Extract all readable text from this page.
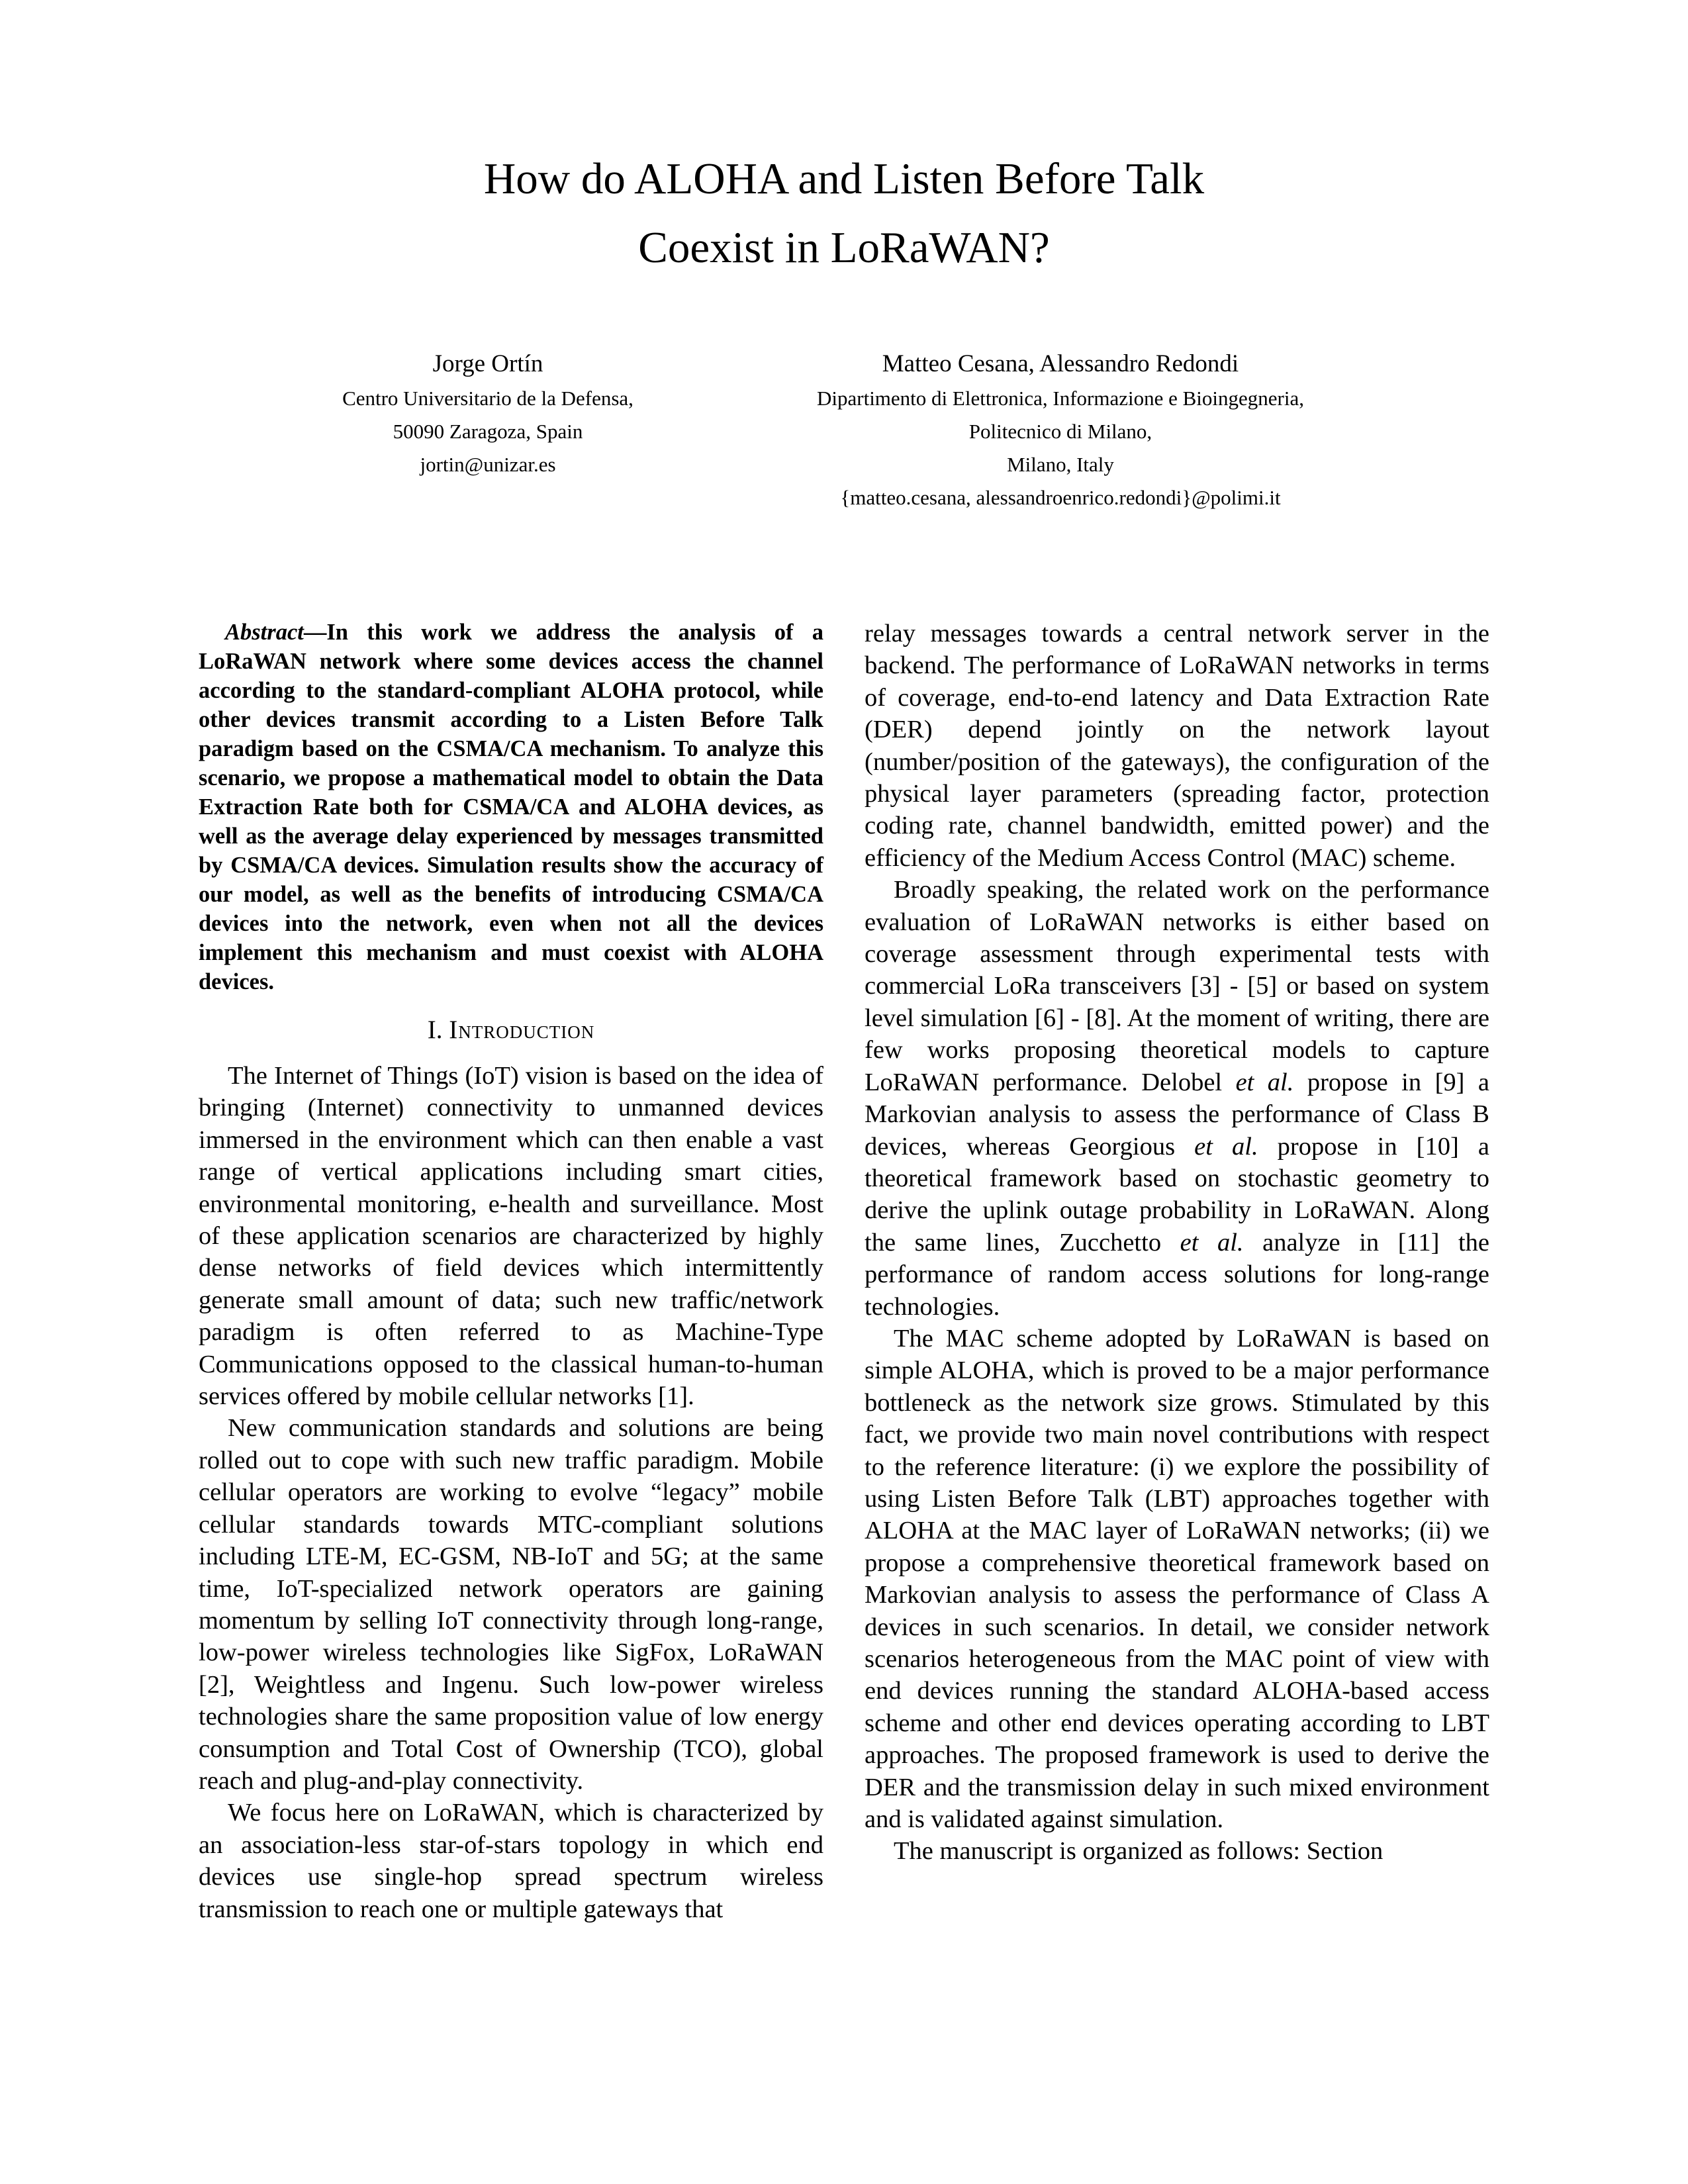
How do ALOHA and Listen Before Talk
Coexist in LoRaWAN?
Jorge Ortín
Centro Universitario de la Defensa,
50090 Zaragoza, Spain
jortin@unizar.es
Matteo Cesana, Alessandro Redondi
Dipartimento di Elettronica, Informazione e Bioingegneria,
Politecnico di Milano,
Milano, Italy
{matteo.cesana, alessandroenrico.redondi}@polimi.it

Abstract—In this work we address the analysis of a LoRaWAN network where some devices access the channel according to the standard-compliant ALOHA protocol, while other devices transmit according to a Listen Before Talk paradigm based on the CSMA/CA mechanism. To analyze this scenario, we propose a mathematical model to obtain the Data Extraction Rate both for CSMA/CA and ALOHA devices, as well as the average delay experienced by messages transmitted by CSMA/CA devices. Simulation results show the accuracy of our model, as well as the benefits of introducing CSMA/CA devices into the network, even when not all the devices implement this mechanism and must coexist with ALOHA devices.

I. Introduction

The Internet of Things (IoT) vision is based on the idea of bringing (Internet) connectivity to unmanned devices immersed in the environment which can then enable a vast range of vertical applications including smart cities, environmental monitoring, e-health and surveillance. Most of these application scenarios are characterized by highly dense networks of field devices which intermittently generate small amount of data; such new traffic/network paradigm is often referred to as Machine-Type Communications opposed to the classical human-to-human services offered by mobile cellular networks [1].

New communication standards and solutions are being rolled out to cope with such new traffic paradigm. Mobile cellular operators are working to evolve “legacy” mobile cellular standards towards MTC-compliant solutions including LTE-M, EC-GSM, NB-IoT and 5G; at the same time, IoT-specialized network operators are gaining momentum by selling IoT connectivity through long-range, low-power wireless technologies like SigFox, LoRaWAN [2], Weightless and Ingenu. Such low-power wireless technologies share the same proposition value of low energy consumption and Total Cost of Ownership (TCO), global reach and plug-and-play connectivity.

We focus here on LoRaWAN, which is characterized by an association-less star-of-stars topology in which end devices use single-hop spread spectrum wireless transmission to reach one or multiple gateways that

relay messages towards a central network server in the backend. The performance of LoRaWAN networks in terms of coverage, end-to-end latency and Data Extraction Rate (DER) depend jointly on the network layout (number/position of the gateways), the configuration of the physical layer parameters (spreading factor, protection coding rate, channel bandwidth, emitted power) and the efficiency of the Medium Access Control (MAC) scheme.

Broadly speaking, the related work on the performance evaluation of LoRaWAN networks is either based on coverage assessment through experimental tests with commercial LoRa transceivers [3] - [5] or based on system level simulation [6] - [8]. At the moment of writing, there are few works proposing theoretical models to capture LoRaWAN performance. Delobel et al. propose in [9] a Markovian analysis to assess the performance of Class B devices, whereas Georgious et al. propose in [10] a theoretical framework based on stochastic geometry to derive the uplink outage probability in LoRaWAN. Along the same lines, Zucchetto et al. analyze in [11] the performance of random access solutions for long-range technologies.

The MAC scheme adopted by LoRaWAN is based on simple ALOHA, which is proved to be a major performance bottleneck as the network size grows. Stimulated by this fact, we provide two main novel contributions with respect to the reference literature: (i) we explore the possibility of using Listen Before Talk (LBT) approaches together with ALOHA at the MAC layer of LoRaWAN networks; (ii) we propose a comprehensive theoretical framework based on Markovian analysis to assess the performance of Class A devices in such scenarios. In detail, we consider network scenarios heterogeneous from the MAC point of view with end devices running the standard ALOHA-based access scheme and other end devices operating according to LBT approaches. The proposed framework is used to derive the DER and the transmission delay in such mixed environment and is validated against simulation.

The manuscript is organized as follows: Section
